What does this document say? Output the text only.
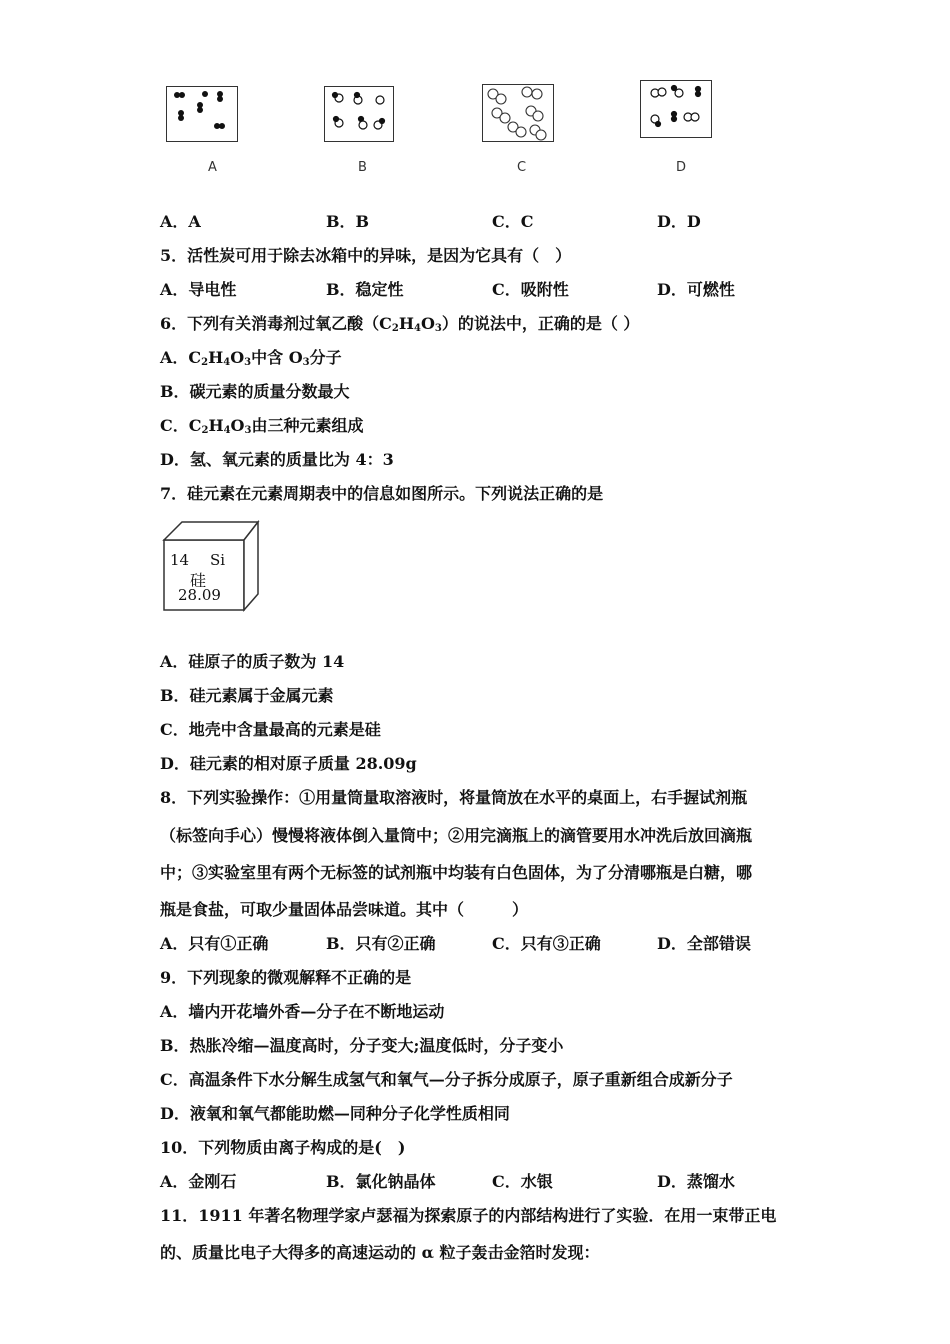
A	B	C	D
A．A	B．B	C．C	D．D
5．活性炭可用于除去冰箱中的异味，是因为它具有（　）
A．导电性	B．稳定性	C．吸附性	D．可燃性
6．下列有关消毒剂过氧乙酸$(C_2H_4O_3)$的说法中，正确的是（ ）
A．$C_2H_4O_3$中含 $O_3$分子
B．碳元素的质量分数最大
C．$C_2H_4O_3$由三种元素组成
D．氢、氧元素的质量比为 4：3
7．硅元素在元素周期表中的信息如图所示。下列说法正确的是
14 Si
硅
28.09
A．硅原子的质子数为 14
B．硅元素属于金属元素
C．地壳中含量最高的元素是硅
D．硅元素的相对原子质量 28.09g
8．下列实验操作：①用量筒量取溶液时，将量筒放在水平的桌面上，右手握试剂瓶
（标签向手心）慢慢将液体倒入量筒中；②用完滴瓶上的滴管要用水冲洗后放回滴瓶
中；③实验室里有两个无标签的试剂瓶中均装有白色固体，为了分清哪瓶是白糖，哪
瓶是食盐，可取少量固体品尝味道。其中（　　　）
A．只有①正确	B．只有②正确	C．只有③正确	D．全部错误
9．下列现象的微观解释不正确的是
A．墙内开花墙外香—分子在不断地运动
B．热胀冷缩—温度高时，分子变大;温度低时，分子变小
C．高温条件下水分解生成氢气和氧气—分子拆分成原子，原子重新组合成新分子
D．液氧和氧气都能助燃—同种分子化学性质相同
10．下列物质由离子构成的是(　)
A．金刚石	B．氯化钠晶体	C．水银	D．蒸馏水
11．1911 年著名物理学家卢瑟福为探索原子的内部结构进行了实验．在用一束带正电
的、质量比电子大得多的高速运动的 α 粒子轰击金箔时发现：
